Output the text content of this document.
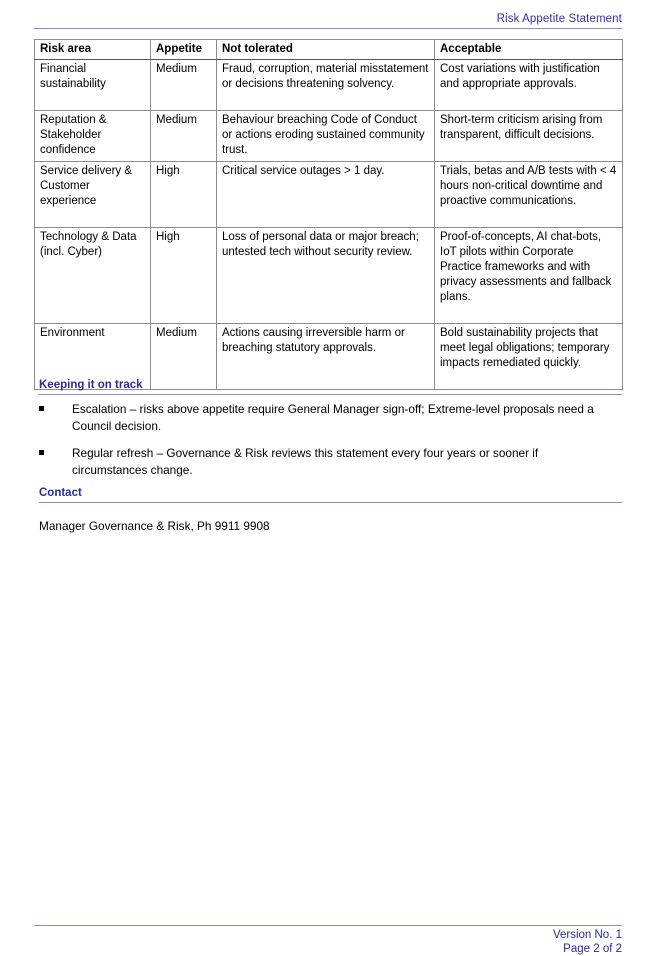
Risk Appetite Statement
Risk area	Appetite	Not tolerated	Acceptable
Financial sustainability	Medium	Fraud, corruption, material misstatement or decisions threatening solvency.	Cost variations with justification and appropriate approvals.
Reputation & Stakeholder confidence	Medium	Behaviour breaching Code of Conduct or actions eroding sustained community trust.	Short-term criticism arising from transparent, difficult decisions.
Service delivery & Customer experience	High	Critical service outages > 1 day.	Trials, betas and A/B tests with < 4 hours non-critical downtime and proactive communications.
Technology & Data (incl. Cyber)	High	Loss of personal data or major breach; untested tech without security review.	Proof-of-concepts, AI chat-bots, IoT pilots within Corporate Practice frameworks and with privacy assessments and fallback plans.
Environment	Medium	Actions causing irreversible harm or breaching statutory approvals.	Bold sustainability projects that meet legal obligations; temporary impacts remediated quickly.
Keeping it on track
Escalation – risks above appetite require General Manager sign-off; Extreme-level proposals need a Council decision.
Regular refresh – Governance & Risk reviews this statement every four years or sooner if circumstances change.
Contact
Manager Governance & Risk, Ph 9911 9908
Version No. 1
Page 2 of 2
